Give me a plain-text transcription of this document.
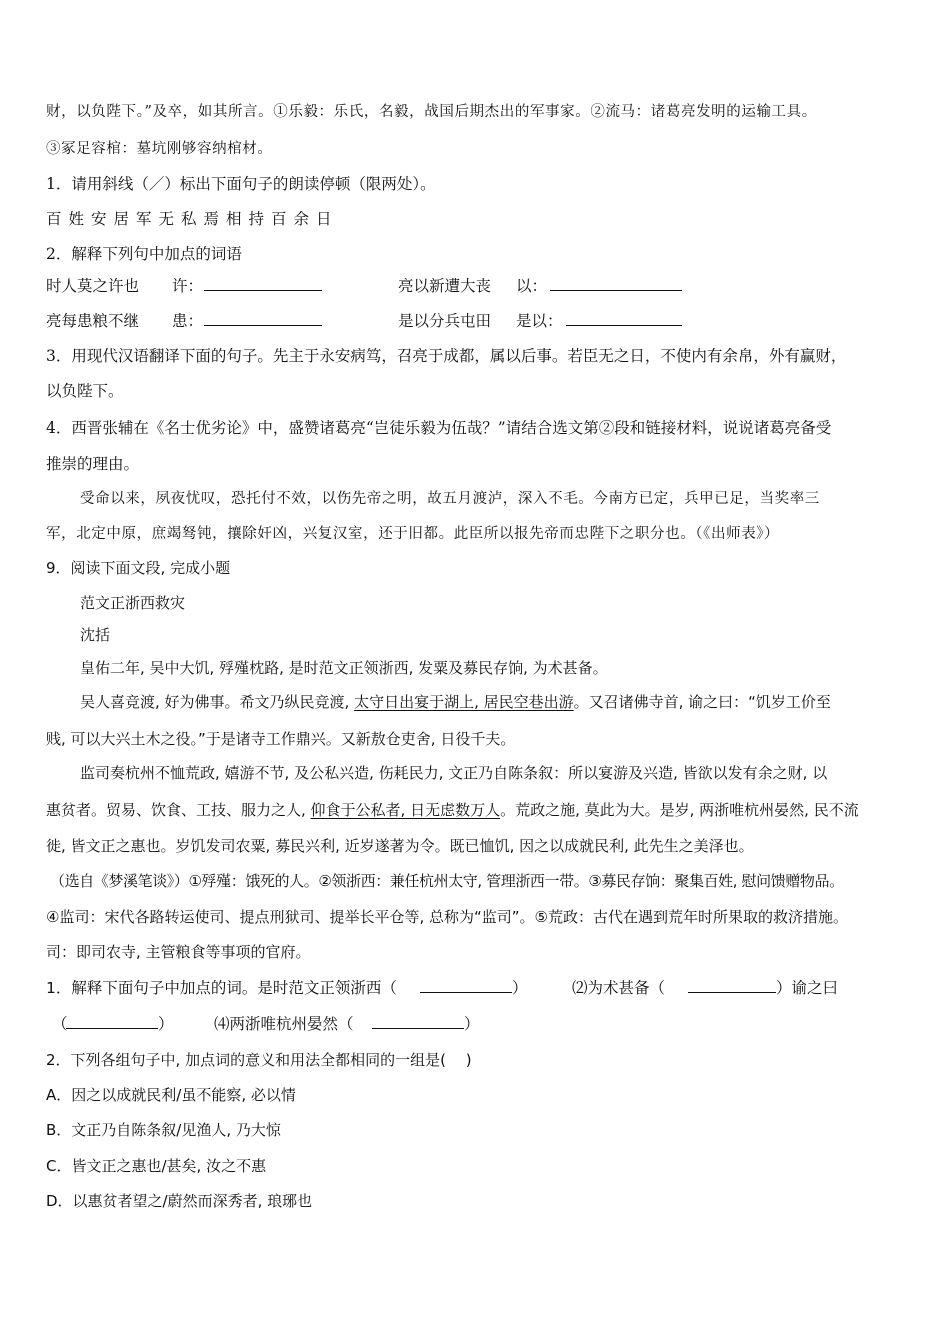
财，以负陛下。”及卒，如其所言。①乐毅：乐氏，名毅，战国后期杰出的军事家。②流马：诸葛亮发明的运输工具。
③冢足容棺：墓坑刚够容纳棺材。
1．请用斜线（／）标出下面句子的朗读停顿（限两处）。
百姓安居军无私焉相持百余日
2．解释下列句中加点的词语
时人莫之许也 许：	亮以新遭大丧 以：
亮每患粮不继 患：	是以分兵屯田 是以：
3．用现代汉语翻译下面的句子。先主于永安病笃，召亮于成都，属以后事。若臣无之日，不使内有余帛，外有赢财，
以负陛下。
4．西晋张辅在《名士优劣论》中，盛赞诸葛亮“岂徒乐毅为伍哉？”请结合选文第②段和链接材料，说说诸葛亮备受
推崇的理由。
受命以来，夙夜忧叹，恐托付不效，以伤先帝之明，故五月渡泸，深入不毛。今南方已定，兵甲已足，当奖率三
军，北定中原，庶竭驽钝，攘除奸凶，兴复汉室，还于旧都。此臣所以报先帝而忠陛下之职分也。（《出师表》）
9．阅读下面文段, 完成小题
范文正浙西救灾
沈括
皇佑二年, 吴中大饥, 殍殣枕路, 是时范文正领浙西, 发粟及募民存饷, 为术甚备。
吴人喜竞渡, 好为佛事。希文乃纵民竞渡, 太守日出宴于湖上, 居民空巷出游。又召诸佛寺首, 谕之曰：“饥岁工价至
贱, 可以大兴土木之役。”于是诸寺工作鼎兴。又新敖仓吏舍, 日役千夫。
监司奏杭州不恤荒政, 嬉游不节, 及公私兴造, 伤耗民力, 文正乃自陈条叙：所以宴游及兴造, 皆欲以发有余之财, 以
惠贫者。贸易、饮食、工技、服力之人, 仰食于公私者, 日无虑数万人。荒政之施, 莫此为大。是岁, 两浙唯杭州晏然, 民不流
徙, 皆文正之惠也。岁饥发司农粟, 募民兴利, 近岁遂著为令。既已恤饥, 因之以成就民利, 此先生之美泽也。
（选自《梦溪笔谈》）①殍殣：饿死的人。②领浙西：兼任杭州太守, 管理浙西一带。③募民存饷：聚集百姓, 慰问馈赠物品。
④监司：宋代各路转运使司、提点刑狱司、提举长平仓等, 总称为“监司”。⑤荒政：古代在遇到荒年时所果取的救济措施。
司：即司农寺, 主管粮食等事项的官府。
1．解释下面句子中加点的词。是时范文正领浙西（	）	⑵为术甚备（	）谕之曰
（	）	⑷两浙唯杭州晏然（	）
2．下列各组句子中, 加点词的意义和用法全都相同的一组是(　 )
A．因之以成就民利/虽不能察, 必以情
B．文正乃自陈条叙/见渔人, 乃大惊
C．皆文正之惠也/甚矣, 汝之不惠
D．以惠贫者望之/蔚然而深秀者, 琅琊也
